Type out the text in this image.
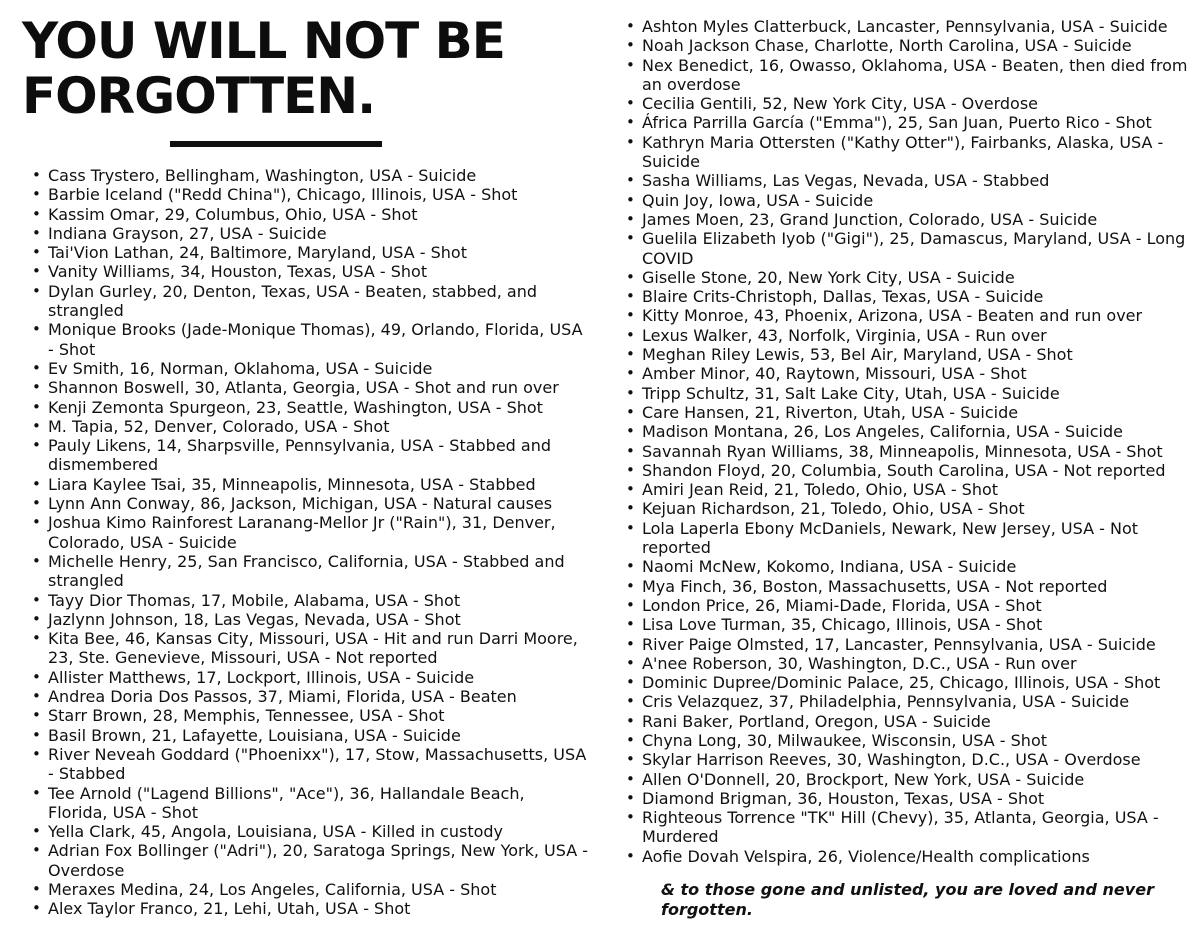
YOU WILL NOT BE
FORGOTTEN.
• Cass Trystero, Bellingham, Washington, USA - Suicide
• Barbie Iceland ("Redd China"), Chicago, Illinois, USA - Shot
• Kassim Omar, 29, Columbus, Ohio, USA - Shot
• Indiana Grayson, 27, USA - Suicide
• Tai'Vion Lathan, 24, Baltimore, Maryland, USA - Shot
• Vanity Williams, 34, Houston, Texas, USA - Shot
• Dylan Gurley, 20, Denton, Texas, USA - Beaten, stabbed, and strangled
• Monique Brooks (Jade-Monique Thomas), 49, Orlando, Florida, USA - Shot
• Ev Smith, 16, Norman, Oklahoma, USA - Suicide
• Shannon Boswell, 30, Atlanta, Georgia, USA - Shot and run over
• Kenji Zemonta Spurgeon, 23, Seattle, Washington, USA - Shot
• M. Tapia, 52, Denver, Colorado, USA - Shot
• Pauly Likens, 14, Sharpsville, Pennsylvania, USA - Stabbed and dismembered
• Liara Kaylee Tsai, 35, Minneapolis, Minnesota, USA - Stabbed
• Lynn Ann Conway, 86, Jackson, Michigan, USA - Natural causes
• Joshua Kimo Rainforest Laranang-Mellor Jr ("Rain"), 31, Denver, Colorado, USA - Suicide
• Michelle Henry, 25, San Francisco, California, USA - Stabbed and strangled
• Tayy Dior Thomas, 17, Mobile, Alabama, USA - Shot
• Jazlynn Johnson, 18, Las Vegas, Nevada, USA - Shot
• Kita Bee, 46, Kansas City, Missouri, USA - Hit and run Darri Moore, 23, Ste. Genevieve, Missouri, USA - Not reported
• Allister Matthews, 17, Lockport, Illinois, USA - Suicide
• Andrea Doria Dos Passos, 37, Miami, Florida, USA - Beaten
• Starr Brown, 28, Memphis, Tennessee, USA - Shot
• Basil Brown, 21, Lafayette, Louisiana, USA - Suicide
• River Neveah Goddard ("Phoenixx"), 17, Stow, Massachusetts, USA - Stabbed
• Tee Arnold ("Lagend Billions", "Ace"), 36, Hallandale Beach, Florida, USA - Shot
• Yella Clark, 45, Angola, Louisiana, USA - Killed in custody
• Adrian Fox Bollinger ("Adri"), 20, Saratoga Springs, New York, USA - Overdose
• Meraxes Medina, 24, Los Angeles, California, USA - Shot
• Alex Taylor Franco, 21, Lehi, Utah, USA - Shot
• Ashton Myles Clatterbuck, Lancaster, Pennsylvania, USA - Suicide
• Noah Jackson Chase, Charlotte, North Carolina, USA - Suicide
• Nex Benedict, 16, Owasso, Oklahoma, USA - Beaten, then died from an overdose
• Cecilia Gentili, 52, New York City, USA - Overdose
• África Parrilla García ("Emma"), 25, San Juan, Puerto Rico - Shot
• Kathryn Maria Ottersten ("Kathy Otter"), Fairbanks, Alaska, USA - Suicide
• Sasha Williams, Las Vegas, Nevada, USA - Stabbed
• Quin Joy, Iowa, USA - Suicide
• James Moen, 23, Grand Junction, Colorado, USA - Suicide
• Guelila Elizabeth Iyob ("Gigi"), 25, Damascus, Maryland, USA - Long COVID
• Giselle Stone, 20, New York City, USA - Suicide
• Blaire Crits-Christoph, Dallas, Texas, USA - Suicide
• Kitty Monroe, 43, Phoenix, Arizona, USA - Beaten and run over
• Lexus Walker, 43, Norfolk, Virginia, USA - Run over
• Meghan Riley Lewis, 53, Bel Air, Maryland, USA - Shot
• Amber Minor, 40, Raytown, Missouri, USA - Shot
• Tripp Schultz, 31, Salt Lake City, Utah, USA - Suicide
• Care Hansen, 21, Riverton, Utah, USA - Suicide
• Madison Montana, 26, Los Angeles, California, USA - Suicide
• Savannah Ryan Williams, 38, Minneapolis, Minnesota, USA - Shot
• Shandon Floyd, 20, Columbia, South Carolina, USA - Not reported
• Amiri Jean Reid, 21, Toledo, Ohio, USA - Shot
• Kejuan Richardson, 21, Toledo, Ohio, USA - Shot
• Lola Laperla Ebony McDaniels, Newark, New Jersey, USA - Not reported
• Naomi McNew, Kokomo, Indiana, USA - Suicide
• Mya Finch, 36, Boston, Massachusetts, USA - Not reported
• London Price, 26, Miami-Dade, Florida, USA - Shot
• Lisa Love Turman, 35, Chicago, Illinois, USA - Shot
• River Paige Olmsted, 17, Lancaster, Pennsylvania, USA - Suicide
• A'nee Roberson, 30, Washington, D.C., USA - Run over
• Dominic Dupree/Dominic Palace, 25, Chicago, Illinois, USA - Shot
• Cris Velazquez, 37, Philadelphia, Pennsylvania, USA - Suicide
• Rani Baker, Portland, Oregon, USA - Suicide
• Chyna Long, 30, Milwaukee, Wisconsin, USA - Shot
• Skylar Harrison Reeves, 30, Washington, D.C., USA - Overdose
• Allen O'Donnell, 20, Brockport, New York, USA - Suicide
• Diamond Brigman, 36, Houston, Texas, USA - Shot
• Righteous Torrence "TK" Hill (Chevy), 35, Atlanta, Georgia, USA - Murdered
• Aofie Dovah Velspira, 26, Violence/Health complications

& to those gone and unlisted, you are loved and never forgotten.
